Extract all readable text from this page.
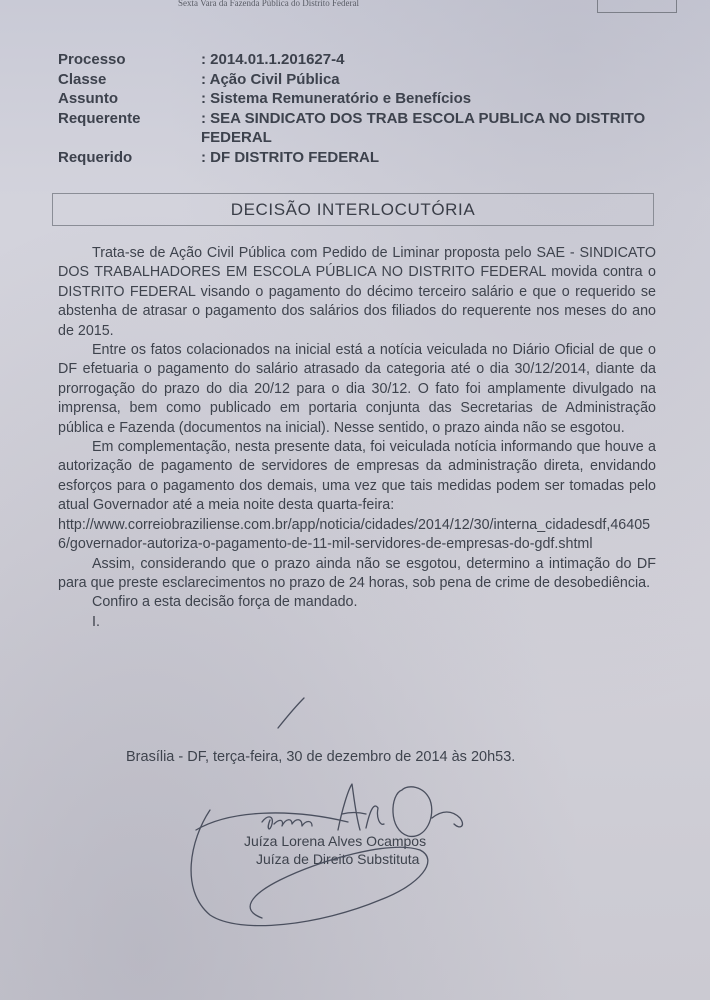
Sexta Vara da Fazenda Pública do Distrito Federal
Processo	: 2014.01.1.201627-4
Classe	: Ação Civil Pública
Assunto	: Sistema Remuneratório e Benefícios
Requerente	: SEA SINDICATO DOS TRAB ESCOLA PUBLICA NO DISTRITO
FEDERAL
Requerido	: DF DISTRITO FEDERAL
DECISÃO INTERLOCUTÓRIA

Trata-se de Ação Civil Pública com Pedido de Liminar proposta pelo SAE - SINDICATO DOS TRABALHADORES EM ESCOLA PÚBLICA NO DISTRITO FEDERAL movida contra o DISTRITO FEDERAL visando o pagamento do décimo terceiro salário e que o requerido se abstenha de atrasar o pagamento dos salários dos filiados do requerente nos meses do ano de 2015.

Entre os fatos colacionados na inicial está a notícia veiculada no Diário Oficial de que o DF efetuaria o pagamento do salário atrasado da categoria até o dia 30/12/2014, diante da prorrogação do prazo do dia 20/12 para o dia 30/12. O fato foi amplamente divulgado na imprensa, bem como publicado em portaria conjunta das Secretarias de Administração pública e Fazenda (documentos na inicial). Nesse sentido, o prazo ainda não se esgotou.

Em complementação, nesta presente data, foi veiculada notícia informando que houve a autorização de pagamento de servidores de empresas da administração direta, envidando esforços para o pagamento dos demais, uma vez que tais medidas podem ser tomadas pelo atual Governador até a meia noite desta quarta-feira:

http://www.correiobraziliense.com.br/app/noticia/cidades/2014/12/30/interna_cidadesdf,464056/governador-autoriza-o-pagamento-de-11-mil-servidores-de-empresas-do-gdf.shtml

Assim, considerando que o prazo ainda não se esgotou, determino a intimação do DF para que preste esclarecimentos no prazo de 24 horas, sob pena de crime de desobediência.

Confiro a esta decisão força de mandado.

I.

Brasília - DF, terça-feira, 30 de dezembro de 2014 às 20h53.
Juíza Lorena Alves Ocampos
Juíza de Direito Substituta
